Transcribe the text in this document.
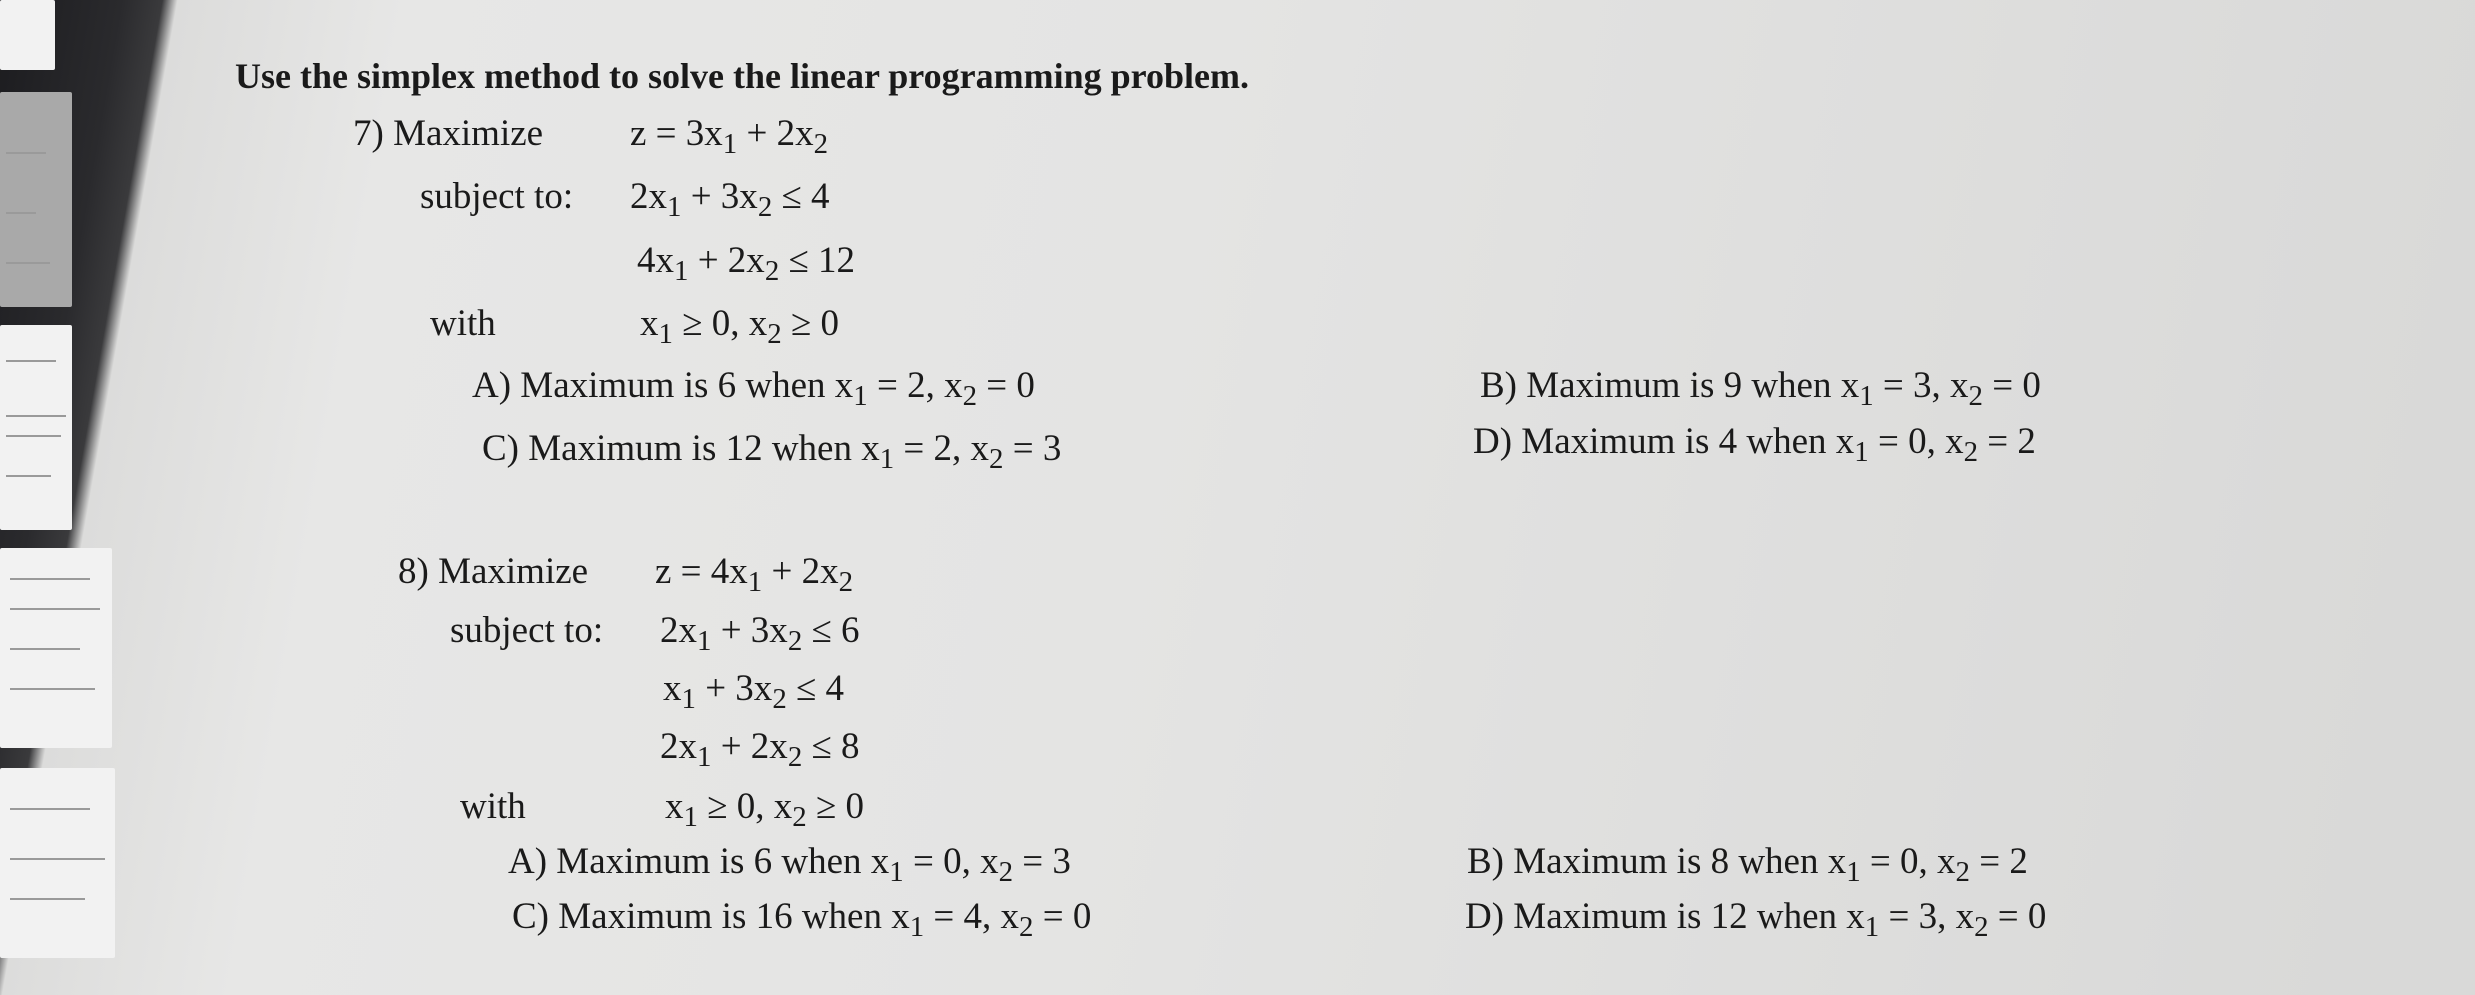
Use the simplex method to solve the linear programming problem.
7) Maximize $z = 3x_1 + 2x_2$
subject to: $2x_1 + 3x_2 \le 4$
$4x_1 + 2x_2 \le 12$
with	$x_1 \ge 0$, $x_2 \ge 0$
A) Maximum is 6 when $x_1 = 2$, $x_2 = 0$	B) Maximum is 9 when $x_1 = 3$, $x_2 = 0$
C) Maximum is 12 when $x_1 = 2$, $x_2 = 3$	D) Maximum is 4 when $x_1 = 0$, $x_2 = 2$
8) Maximize $z = 4x_1 + 2x_2$
subject to: $2x_1 + 3x_2 \le 6$
$x_1 + 3x_2 \le 4$
$2x_1 + 2x_2 \le 8$
with	$x_1 \ge 0$, $x_2 \ge 0$
A) Maximum is 6 when $x_1 = 0$, $x_2 = 3$	B) Maximum is 8 when $x_1 = 0$, $x_2 = 2$
C) Maximum is 16 when $x_1 = 4$, $x_2 = 0$	D) Maximum is 12 when $x_1 = 3$, $x_2 = 0$
